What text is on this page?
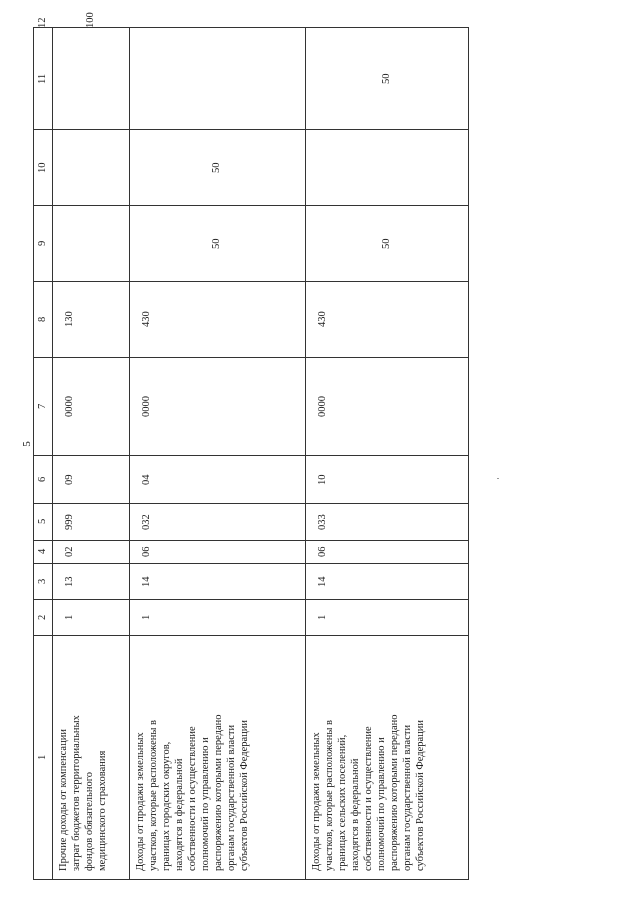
5
1
2
3
4
5
6
7
8
9
10
11
12
Прочие доходы от компенсации затрат бюджетов территориальных фондов обязательного медицинского страхования
1
13
02
999
09
0000
130
100
Доходы от продажи земельных участков, которые расположены в границах городских округов, находятся в федеральной собственности и осуществление полномочий по управлению и распоряжению которыми передано органам государственной власти субъектов Российской Федерации
1
14
06
032
04
0000
430
50
50
Доходы от продажи земельных участков, которые расположены в границах сельских поселений, находятся в федеральной собственности и осуществление полномочий по управлению и распоряжению которыми передано органам государственной власти субъектов Российской Федерации
1
14
06
033
10
0000
430
50
50
